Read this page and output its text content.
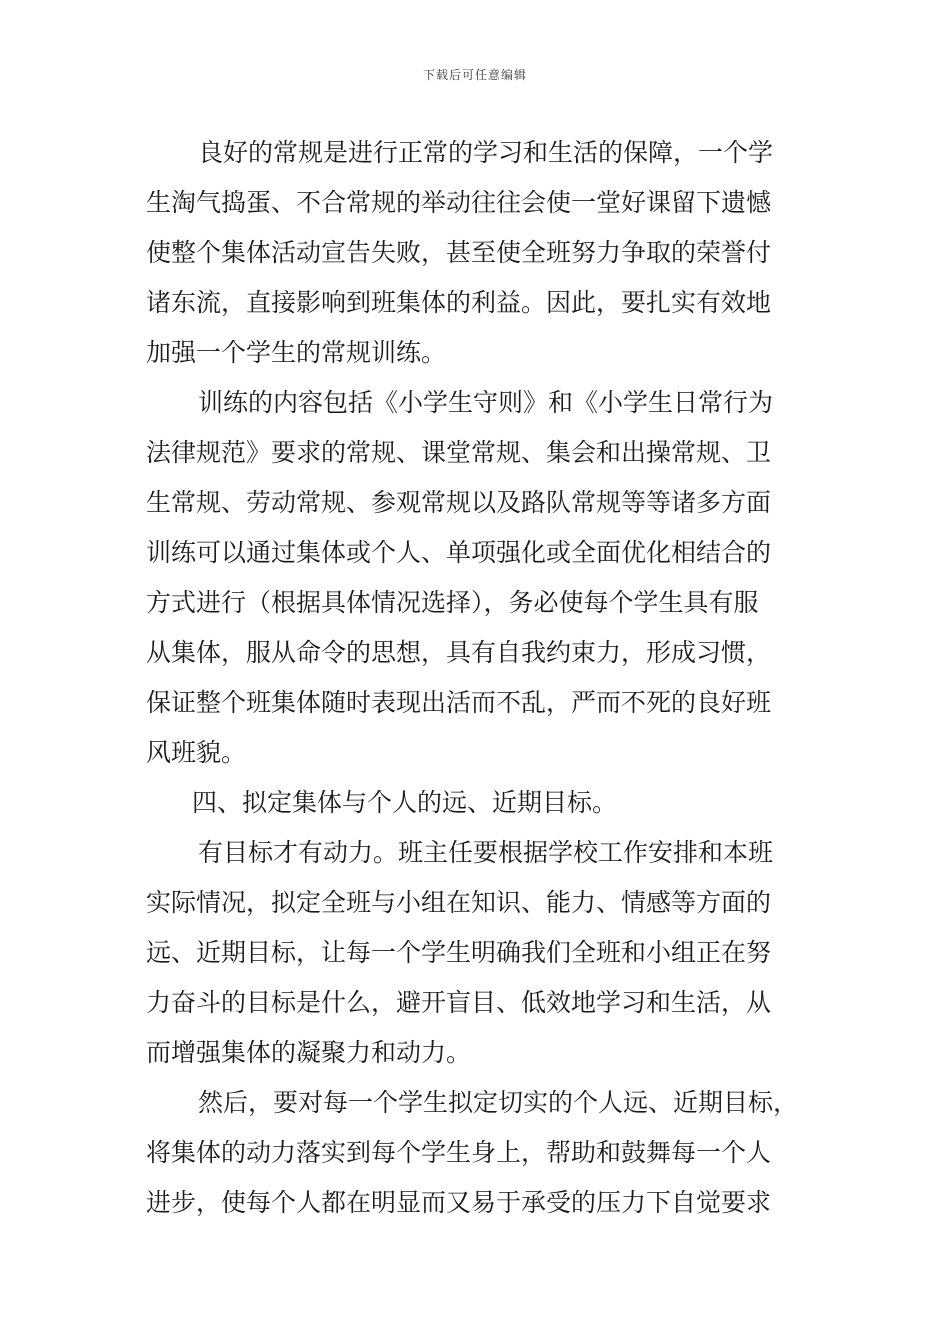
下载后可任意编辑
良好的常规是进行正常的学习和生活的保障，一个学
生淘气捣蛋、不合常规的举动往往会使一堂好课留下遗憾
使整个集体活动宣告失败，甚至使全班努力争取的荣誉付
诸东流，直接影响到班集体的利益。因此，要扎实有效地
加强一个学生的常规训练。
训练的内容包括《小学生守则》和《小学生日常行为
法律规范》要求的常规、课堂常规、集会和出操常规、卫
生常规、劳动常规、参观常规以及路队常规等等诸多方面
训练可以通过集体或个人、单项强化或全面优化相结合的
方式进行（根据具体情况选择），务必使每个学生具有服
从集体，服从命令的思想，具有自我约束力，形成习惯，
保证整个班集体随时表现出活而不乱，严而不死的良好班
风班貌。
四、拟定集体与个人的远、近期目标。
有目标才有动力。班主任要根据学校工作安排和本班
实际情况，拟定全班与小组在知识、能力、情感等方面的
远、近期目标，让每一个学生明确我们全班和小组正在努
力奋斗的目标是什么，避开盲目、低效地学习和生活，从
而增强集体的凝聚力和动力。
然后，要对每一个学生拟定切实的个人远、近期目标，
将集体的动力落实到每个学生身上，帮助和鼓舞每一个人
进步，使每个人都在明显而又易于承受的压力下自觉要求
